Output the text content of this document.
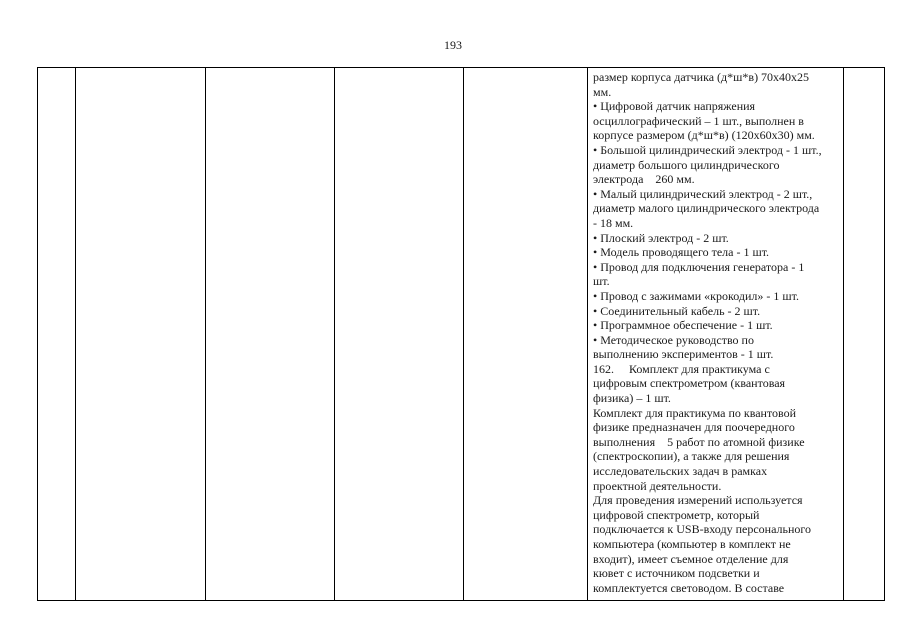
193

размер корпуса датчика (д*ш*в) 70х40х25
мм.
• Цифровой датчик напряжения
осциллографический – 1 шт., выполнен в
корпусе размером (д*ш*в) (120х60х30) мм.
• Большой цилиндрический электрод - 1 шт.,
диаметр большого цилиндрического
электрода    260 мм.
• Малый цилиндрический электрод - 2 шт.,
диаметр малого цилиндрического электрода
- 18 мм.
• Плоский электрод - 2 шт.
• Модель проводящего тела - 1 шт.
• Провод для подключения генератора - 1
шт.
• Провод с зажимами «крокодил» - 1 шт.
• Соединительный кабель - 2 шт.
• Программное обеспечение - 1 шт.
• Методическое руководство по
выполнению экспериментов - 1 шт.
162.     Комплект для практикума с
цифровым спектрометром (квантовая
физика) – 1 шт.
Комплект для практикума по квантовой
физике предназначен для поочередного
выполнения    5 работ по атомной физике
(спектроскопии), а также для решения
исследовательских задач в рамках
проектной деятельности.
Для проведения измерений используется
цифровой спектрометр, который
подключается к USB-входу персонального
компьютера (компьютер в комплект не
входит), имеет съемное отделение для
кювет с источником подсветки и
комплектуется световодом. В составе
